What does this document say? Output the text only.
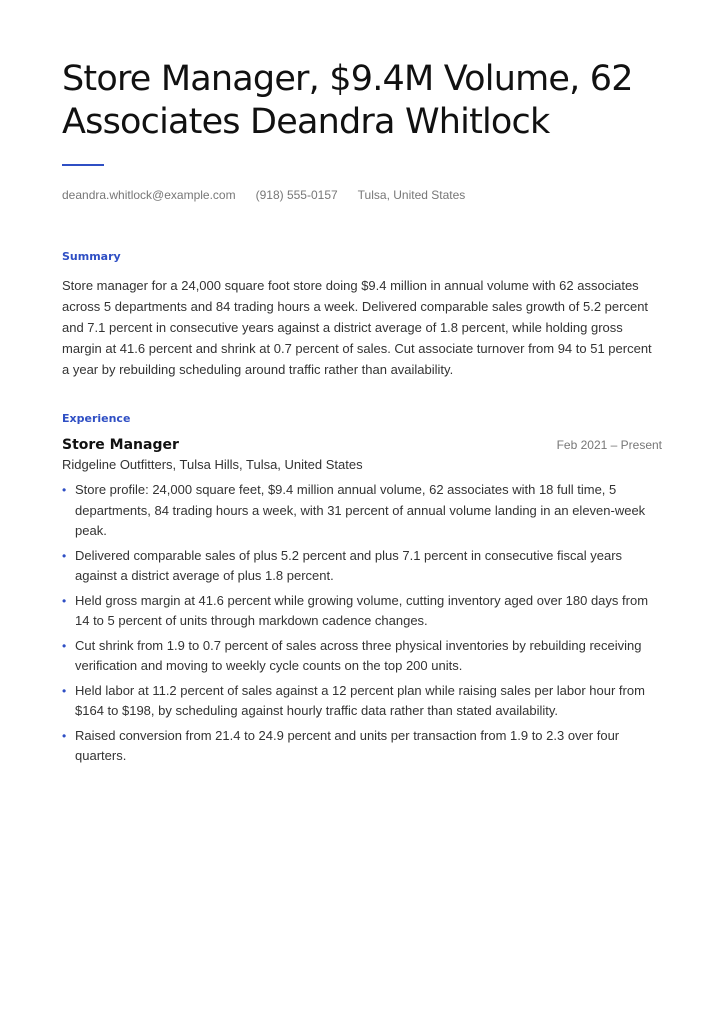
Store Manager, $9.4M Volume, 62 Associates Deandra Whitlock
deandra.whitlock@example.com (918) 555-0157 Tulsa, United States
Summary

Store manager for a 24,000 square foot store doing $9.4 million in annual volume with 62 associates across 5 departments and 84 trading hours a week. Delivered comparable sales growth of 5.2 percent and 7.1 percent in consecutive years against a district average of 1.8 percent, while holding gross margin at 41.6 percent and shrink at 0.7 percent of sales. Cut associate turnover from 94 to 51 percent a year by rebuilding scheduling around traffic rather than availability.

Experience
Store Manager	Feb 2021 – Present
Ridgeline Outfitters, Tulsa Hills, Tulsa, United States
• Store profile: 24,000 square feet, $9.4 million annual volume, 62 associates with 18 full time, 5 departments, 84 trading hours a week, with 31 percent of annual volume landing in an eleven-week peak.
• Delivered comparable sales of plus 5.2 percent and plus 7.1 percent in consecutive fiscal years against a district average of plus 1.8 percent.
• Held gross margin at 41.6 percent while growing volume, cutting inventory aged over 180 days from 14 to 5 percent of units through markdown cadence changes.
• Cut shrink from 1.9 to 0.7 percent of sales across three physical inventories by rebuilding receiving verification and moving to weekly cycle counts on the top 200 units.
• Held labor at 11.2 percent of sales against a 12 percent plan while raising sales per labor hour from $164 to $198, by scheduling against hourly traffic data rather than stated availability.
• Raised conversion from 21.4 to 24.9 percent and units per transaction from 1.9 to 2.3 over four quarters.
